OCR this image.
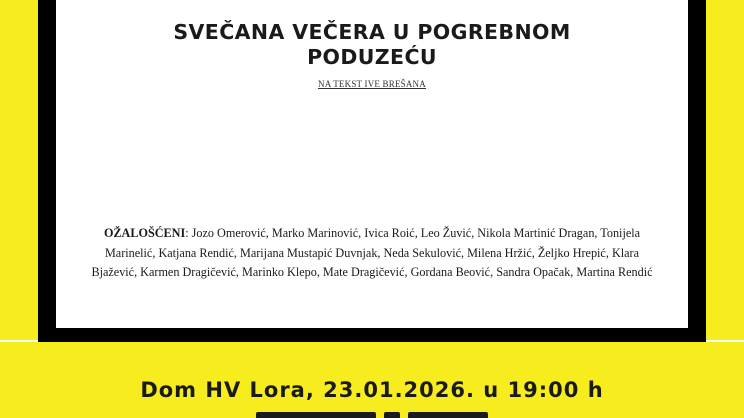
SVEČANA VEČERA U POGREBNOM
PODUZEĆU
NA TEKST IVE BREŠANA
OŽALOŠĆENI: Jozo Omerović, Marko Marinović, Ivica Roić, Leo Žuvić, Nikola Martinić Dragan, Tonijela Marinelić, Katjana Rendić, Marijana Mustapić Duvnjak, Neda Sekulović, Milena Hržić, Željko Hrepić, Klara Bjažević, Karmen Dragičević, Marinko Klepo, Mate Dragičević, Gordana Beović, Sandra Opačak, Martina Rendić
Dom HV Lora, 23.01.2026. u 19:00 h
